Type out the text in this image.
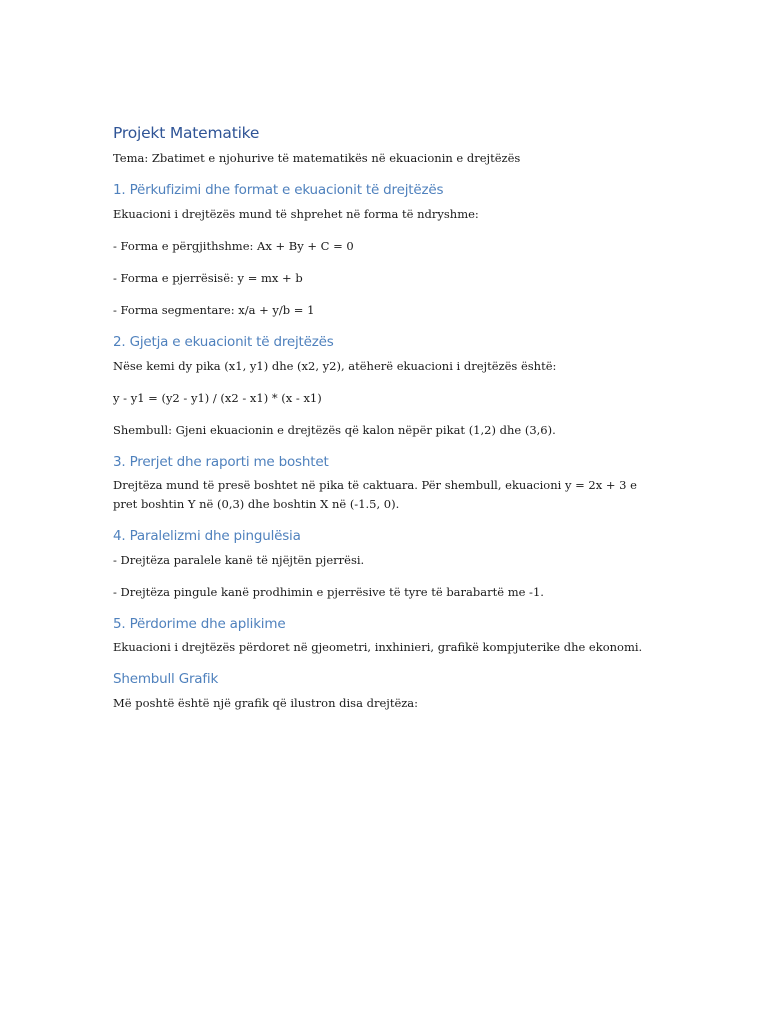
Projekt Matematike
Tema: Zbatimet e njohurive të matematikës në ekuacionin e drejtëzës
1. Përkufizimi dhe format e ekuacionit të drejtëzës
Ekuacioni i drejtëzës mund të shprehet në forma të ndryshme:
- Forma e përgjithshme: Ax + By + C = 0
- Forma e pjerrësisë: y = mx + b
- Forma segmentare: x/a + y/b = 1
2. Gjetja e ekuacionit të drejtëzës
Nëse kemi dy pika (x1, y1) dhe (x2, y2), atëherë ekuacioni i drejtëzës është:
y - y1 = (y2 - y1) / (x2 - x1) * (x - x1)
Shembull: Gjeni ekuacionin e drejtëzës që kalon nëpër pikat (1,2) dhe (3,6).
3. Prerjet dhe raporti me boshtet
Drejtëza mund të presë boshtet në pika të caktuara. Për shembull, ekuacioni y = 2x + 3 e
pret boshtin Y në (0,3) dhe boshtin X në (-1.5, 0).
4. Paralelizmi dhe pingulësia
- Drejtëza paralele kanë të njëjtën pjerrësi.
- Drejtëza pingule kanë prodhimin e pjerrësive të tyre të barabartë me -1.
5. Përdorime dhe aplikime
Ekuacioni i drejtëzës përdoret në gjeometri, inxhinieri, grafikë kompjuterike dhe ekonomi.
Shembull Grafik
Më poshtë është një grafik që ilustron disa drejtëza:
